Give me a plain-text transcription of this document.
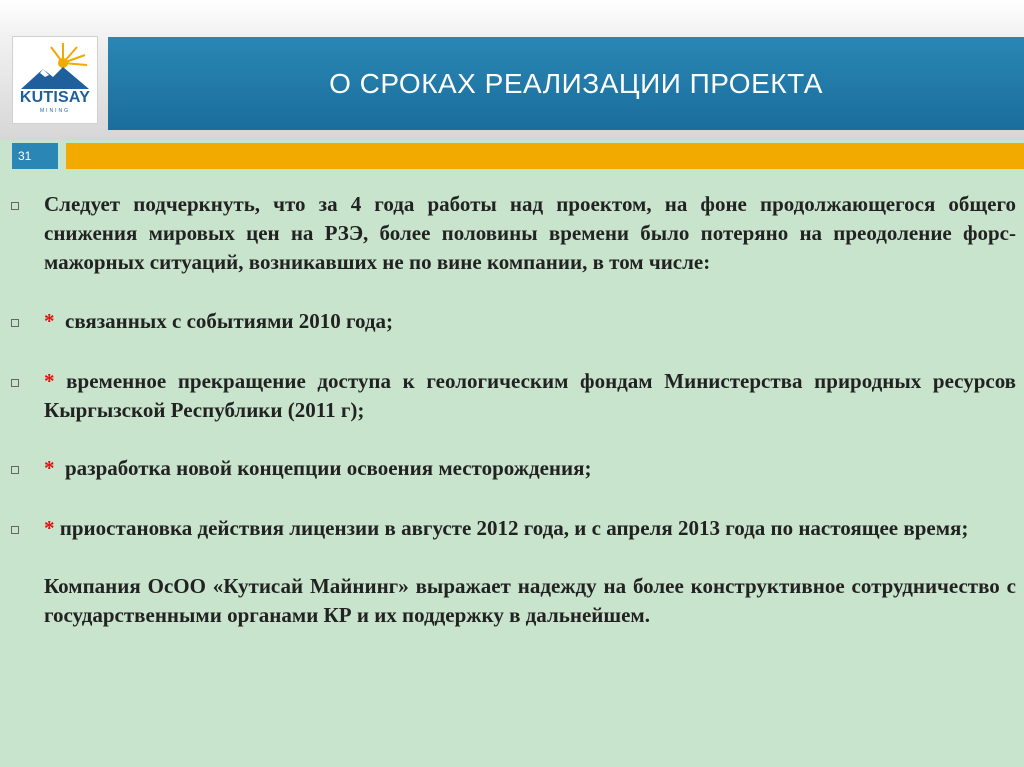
KUTISAY
MINING
О СРОКАХ РЕАЛИЗАЦИИ ПРОЕКТА
31
Следует подчеркнуть, что за 4 года работы над проектом, на фоне продолжающегося общего снижения мировых цен на РЗЭ, более половины времени было потеряно на преодоление форс-мажорных ситуаций, возникавших не по вине компании, в том числе:
* связанных с событиями 2010 года;
* временное прекращение доступа к геологическим фондам Министерства природных ресурсов Кыргызской Республики (2011 г);
* разработка новой концепции освоения месторождения;
* приостановка действия лицензии в августе 2012 года, и с апреля 2013 года по настоящее время;
Компания ОсОО «Кутисай Майнинг» выражает надежду на более конструктивное сотрудничество с государственными органами КР и их поддержку в дальнейшем.
